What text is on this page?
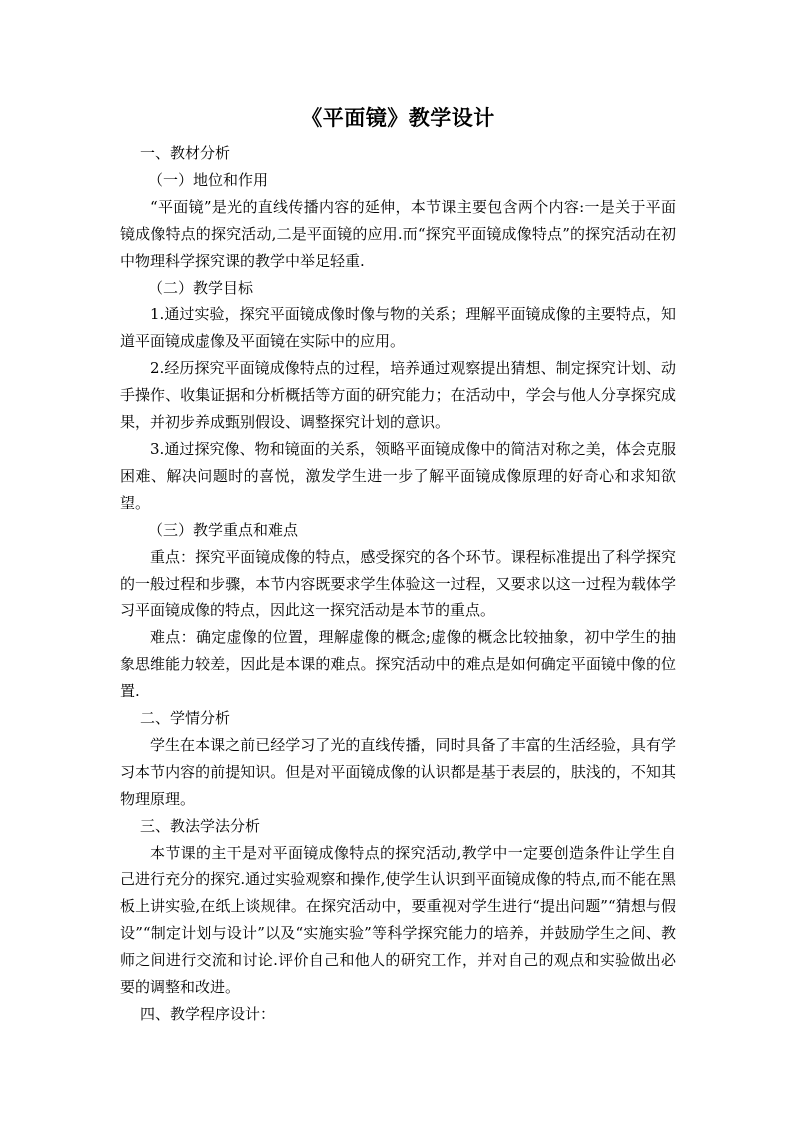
《平面镜》教学设计
一、教材分析
（一）地位和作用
“平面镜”是光的直线传播内容的延伸，本节课主要包含两个内容:一是关于平面镜成像特点的探究活动,二是平面镜的应用.而“探究平面镜成像特点”的探究活动在初中物理科学探究课的教学中举足轻重.
（二）教学目标
1.通过实验，探究平面镜成像时像与物的关系；理解平面镜成像的主要特点，知道平面镜成虚像及平面镜在实际中的应用。
2.经历探究平面镜成像特点的过程，培养通过观察提出猜想、制定探究计划、动手操作、收集证据和分析概括等方面的研究能力；在活动中，学会与他人分享探究成果，并初步养成甄别假设、调整探究计划的意识。
3.通过探究像、物和镜面的关系，领略平面镜成像中的简洁对称之美，体会克服困难、解决问题时的喜悦，激发学生进一步了解平面镜成像原理的好奇心和求知欲望。
（三）教学重点和难点
重点：探究平面镜成像的特点，感受探究的各个环节。课程标准提出了科学探究的一般过程和步骤，本节内容既要求学生体验这一过程，又要求以这一过程为载体学习平面镜成像的特点，因此这一探究活动是本节的重点。
难点：确定虚像的位置，理解虚像的概念;虚像的概念比较抽象，初中学生的抽象思维能力较差，因此是本课的难点。探究活动中的难点是如何确定平面镜中像的位置.
二、学情分析
学生在本课之前已经学习了光的直线传播，同时具备了丰富的生活经验，具有学习本节内容的前提知识。但是对平面镜成像的认识都是基于表层的，肤浅的，不知其物理原理。
三、教法学法分析
本节课的主干是对平面镜成像特点的探究活动,教学中一定要创造条件让学生自己进行充分的探究.通过实验观察和操作,使学生认识到平面镜成像的特点,而不能在黑板上讲实验,在纸上谈规律。在探究活动中，要重视对学生进行“提出问题”“猜想与假设”“制定计划与设计”以及“实施实验”等科学探究能力的培养，并鼓励学生之间、教师之间进行交流和讨论.评价自己和他人的研究工作，并对自己的观点和实验做出必要的调整和改进。
四、教学程序设计：
